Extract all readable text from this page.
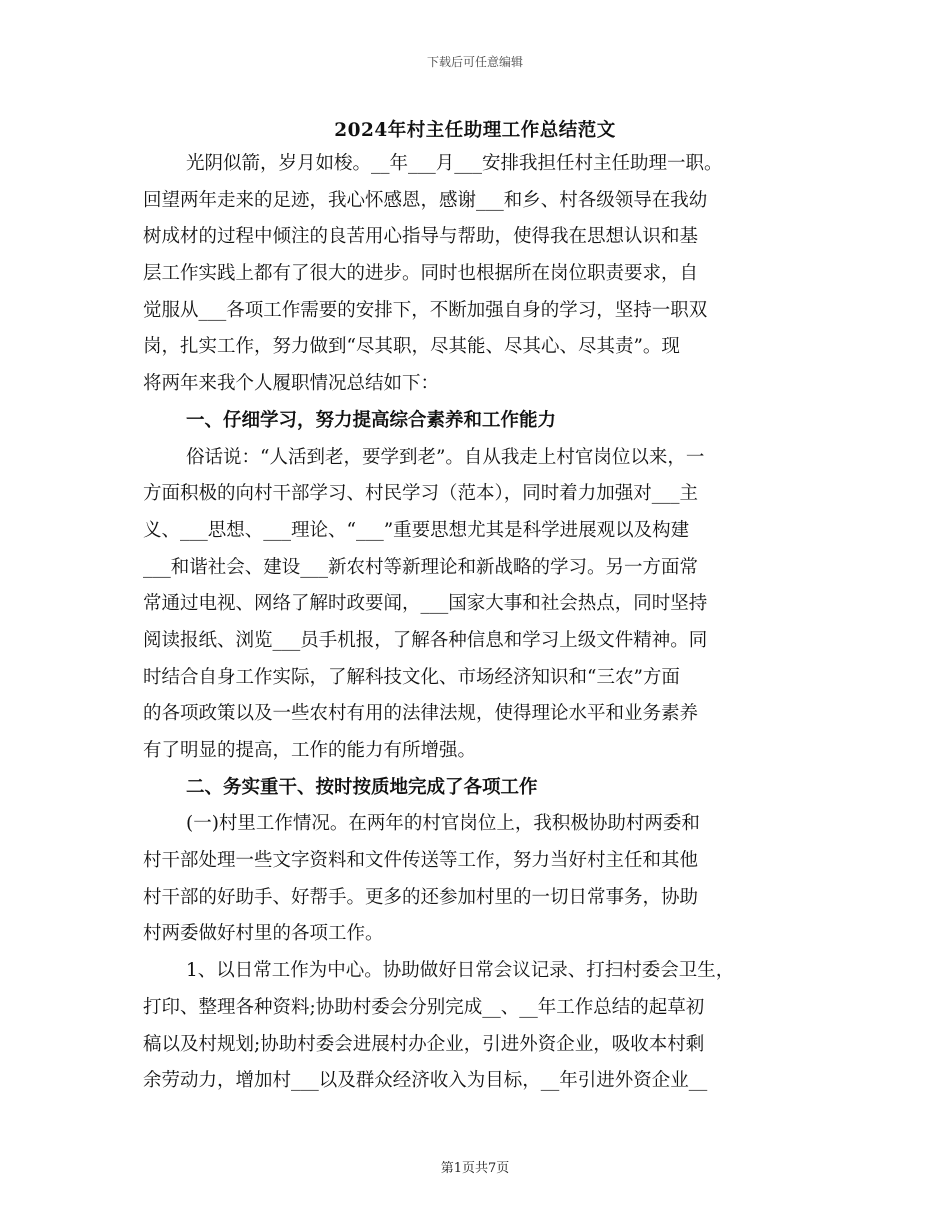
下载后可任意编辑
2024年村主任助理工作总结范文
光阴似箭，岁月如梭。__年___月___安排我担任村主任助理一职。
回望两年走来的足迹，我心怀感恩，感谢___和乡、村各级领导在我幼
树成材的过程中倾注的良苦用心指导与帮助，使得我在思想认识和基
层工作实践上都有了很大的进步。同时也根据所在岗位职责要求，自
觉服从___各项工作需要的安排下，不断加强自身的学习，坚持一职双
岗，扎实工作，努力做到“尽其职，尽其能、尽其心、尽其责”。现
将两年来我个人履职情况总结如下：
一、仔细学习，努力提高综合素养和工作能力
俗话说：“人活到老，要学到老”。自从我走上村官岗位以来，一
方面积极的向村干部学习、村民学习（范本），同时着力加强对___主
义、___思想、___理论、“___”重要思想尤其是科学进展观以及构建
___和谐社会、建设___新农村等新理论和新战略的学习。另一方面常
常通过电视、网络了解时政要闻，___国家大事和社会热点，同时坚持
阅读报纸、浏览___员手机报，了解各种信息和学习上级文件精神。同
时结合自身工作实际，了解科技文化、市场经济知识和“三农”方面
的各项政策以及一些农村有用的法律法规，使得理论水平和业务素养
有了明显的提高，工作的能力有所增强。
二、务实重干、按时按质地完成了各项工作
(一)村里工作情况。在两年的村官岗位上，我积极协助村两委和
村干部处理一些文字资料和文件传送等工作，努力当好村主任和其他
村干部的好助手、好帮手。更多的还参加村里的一切日常事务，协助
村两委做好村里的各项工作。
1、以日常工作为中心。协助做好日常会议记录、打扫村委会卫生，
打印、整理各种资料;协助村委会分别完成__、__年工作总结的起草初
稿以及村规划;协助村委会进展村办企业，引进外资企业，吸收本村剩
余劳动力，增加村___以及群众经济收入为目标，__年引进外资企业__
第1页共7页
